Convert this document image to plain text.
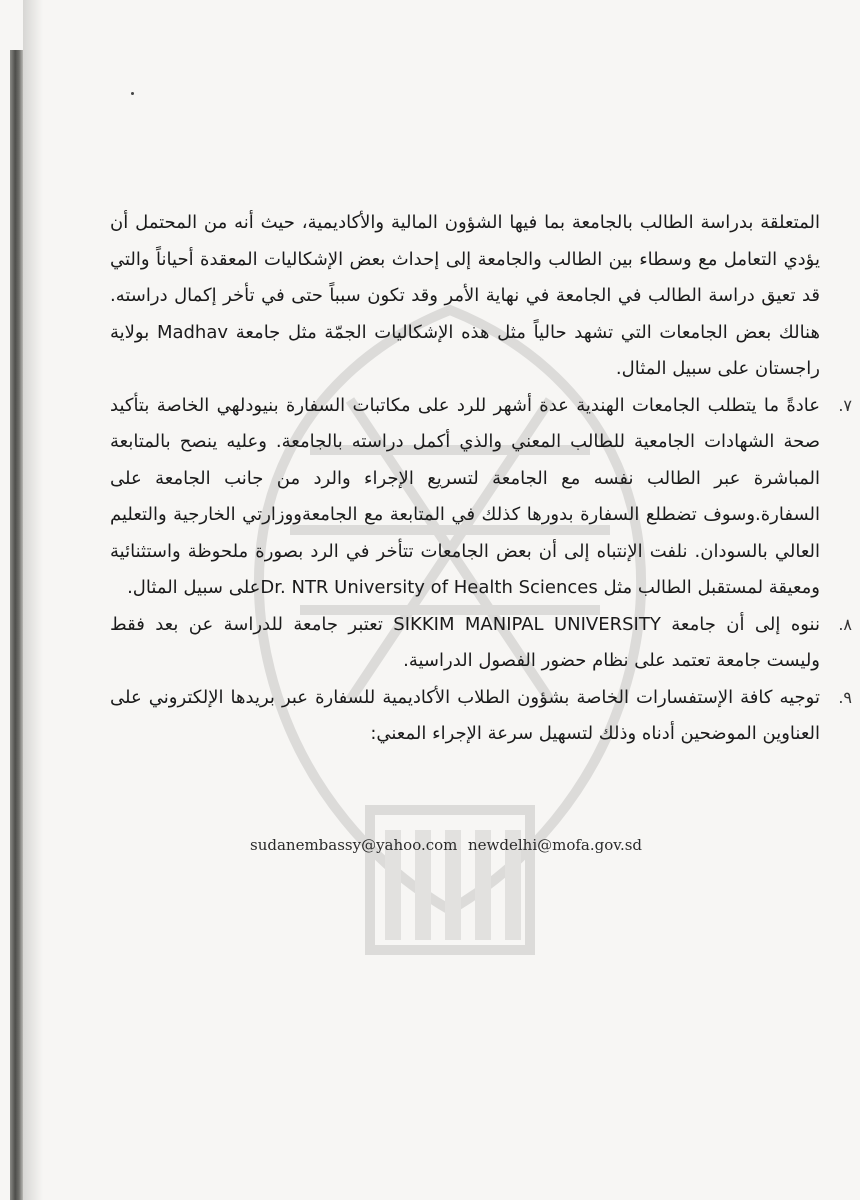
المتعلقة بدراسة الطالب بالجامعة بما فيها الشؤون المالية والأكاديمية، حيث أنه من المحتمل أن يؤدي التعامل مع وسطاء بين الطالب والجامعة إلى إحداث بعض الإشكاليات المعقدة أحياناً والتي قد تعيق دراسة الطالب في الجامعة في نهاية الأمر وقد تكون سبباً حتى في تأخر إكمال دراسته. هنالك بعض الجامعات التي تشهد حالياً مثل هذه الإشكاليات الجمّة مثل جامعة Madhav بولاية راجستان على سبيل المثال.

٧.

عادةً ما يتطلب الجامعات الهندية عدة أشهر للرد على مكاتبات السفارة بنيودلهي الخاصة بتأكيد صحة الشهادات الجامعية للطالب المعني والذي أكمل دراسته بالجامعة. وعليه ينصح بالمتابعة المباشرة عبر الطالب نفسه مع الجامعة لتسريع الإجراء والرد من جانب الجامعة على السفارة.وسوف تضطلع السفارة بدورها كذلك في المتابعة مع الجامعةووزارتي الخارجية والتعليم العالي بالسودان. نلفت الإنتباه إلى أن بعض الجامعات تتأخر في الرد بصورة ملحوظة واستثنائية ومعيقة لمستقبل الطالب مثل Dr. NTR University of Health Sciencesعلى سبيل المثال.

٨.

ننوه إلى أن جامعة SIKKIM MANIPAL UNIVERSITY تعتبر جامعة للدراسة عن بعد فقط وليست جامعة تعتمد على نظام حضور الفصول الدراسية.

٩.

توجيه كافة الإستفسارات الخاصة بشؤون الطلاب الأكاديمية للسفارة عبر بريدها الإلكتروني على العناوين الموضحين أدناه وذلك لتسهيل سرعة الإجراء المعني:

sudanembassy@yahoo.com newdelhi@mofa.gov.sd
